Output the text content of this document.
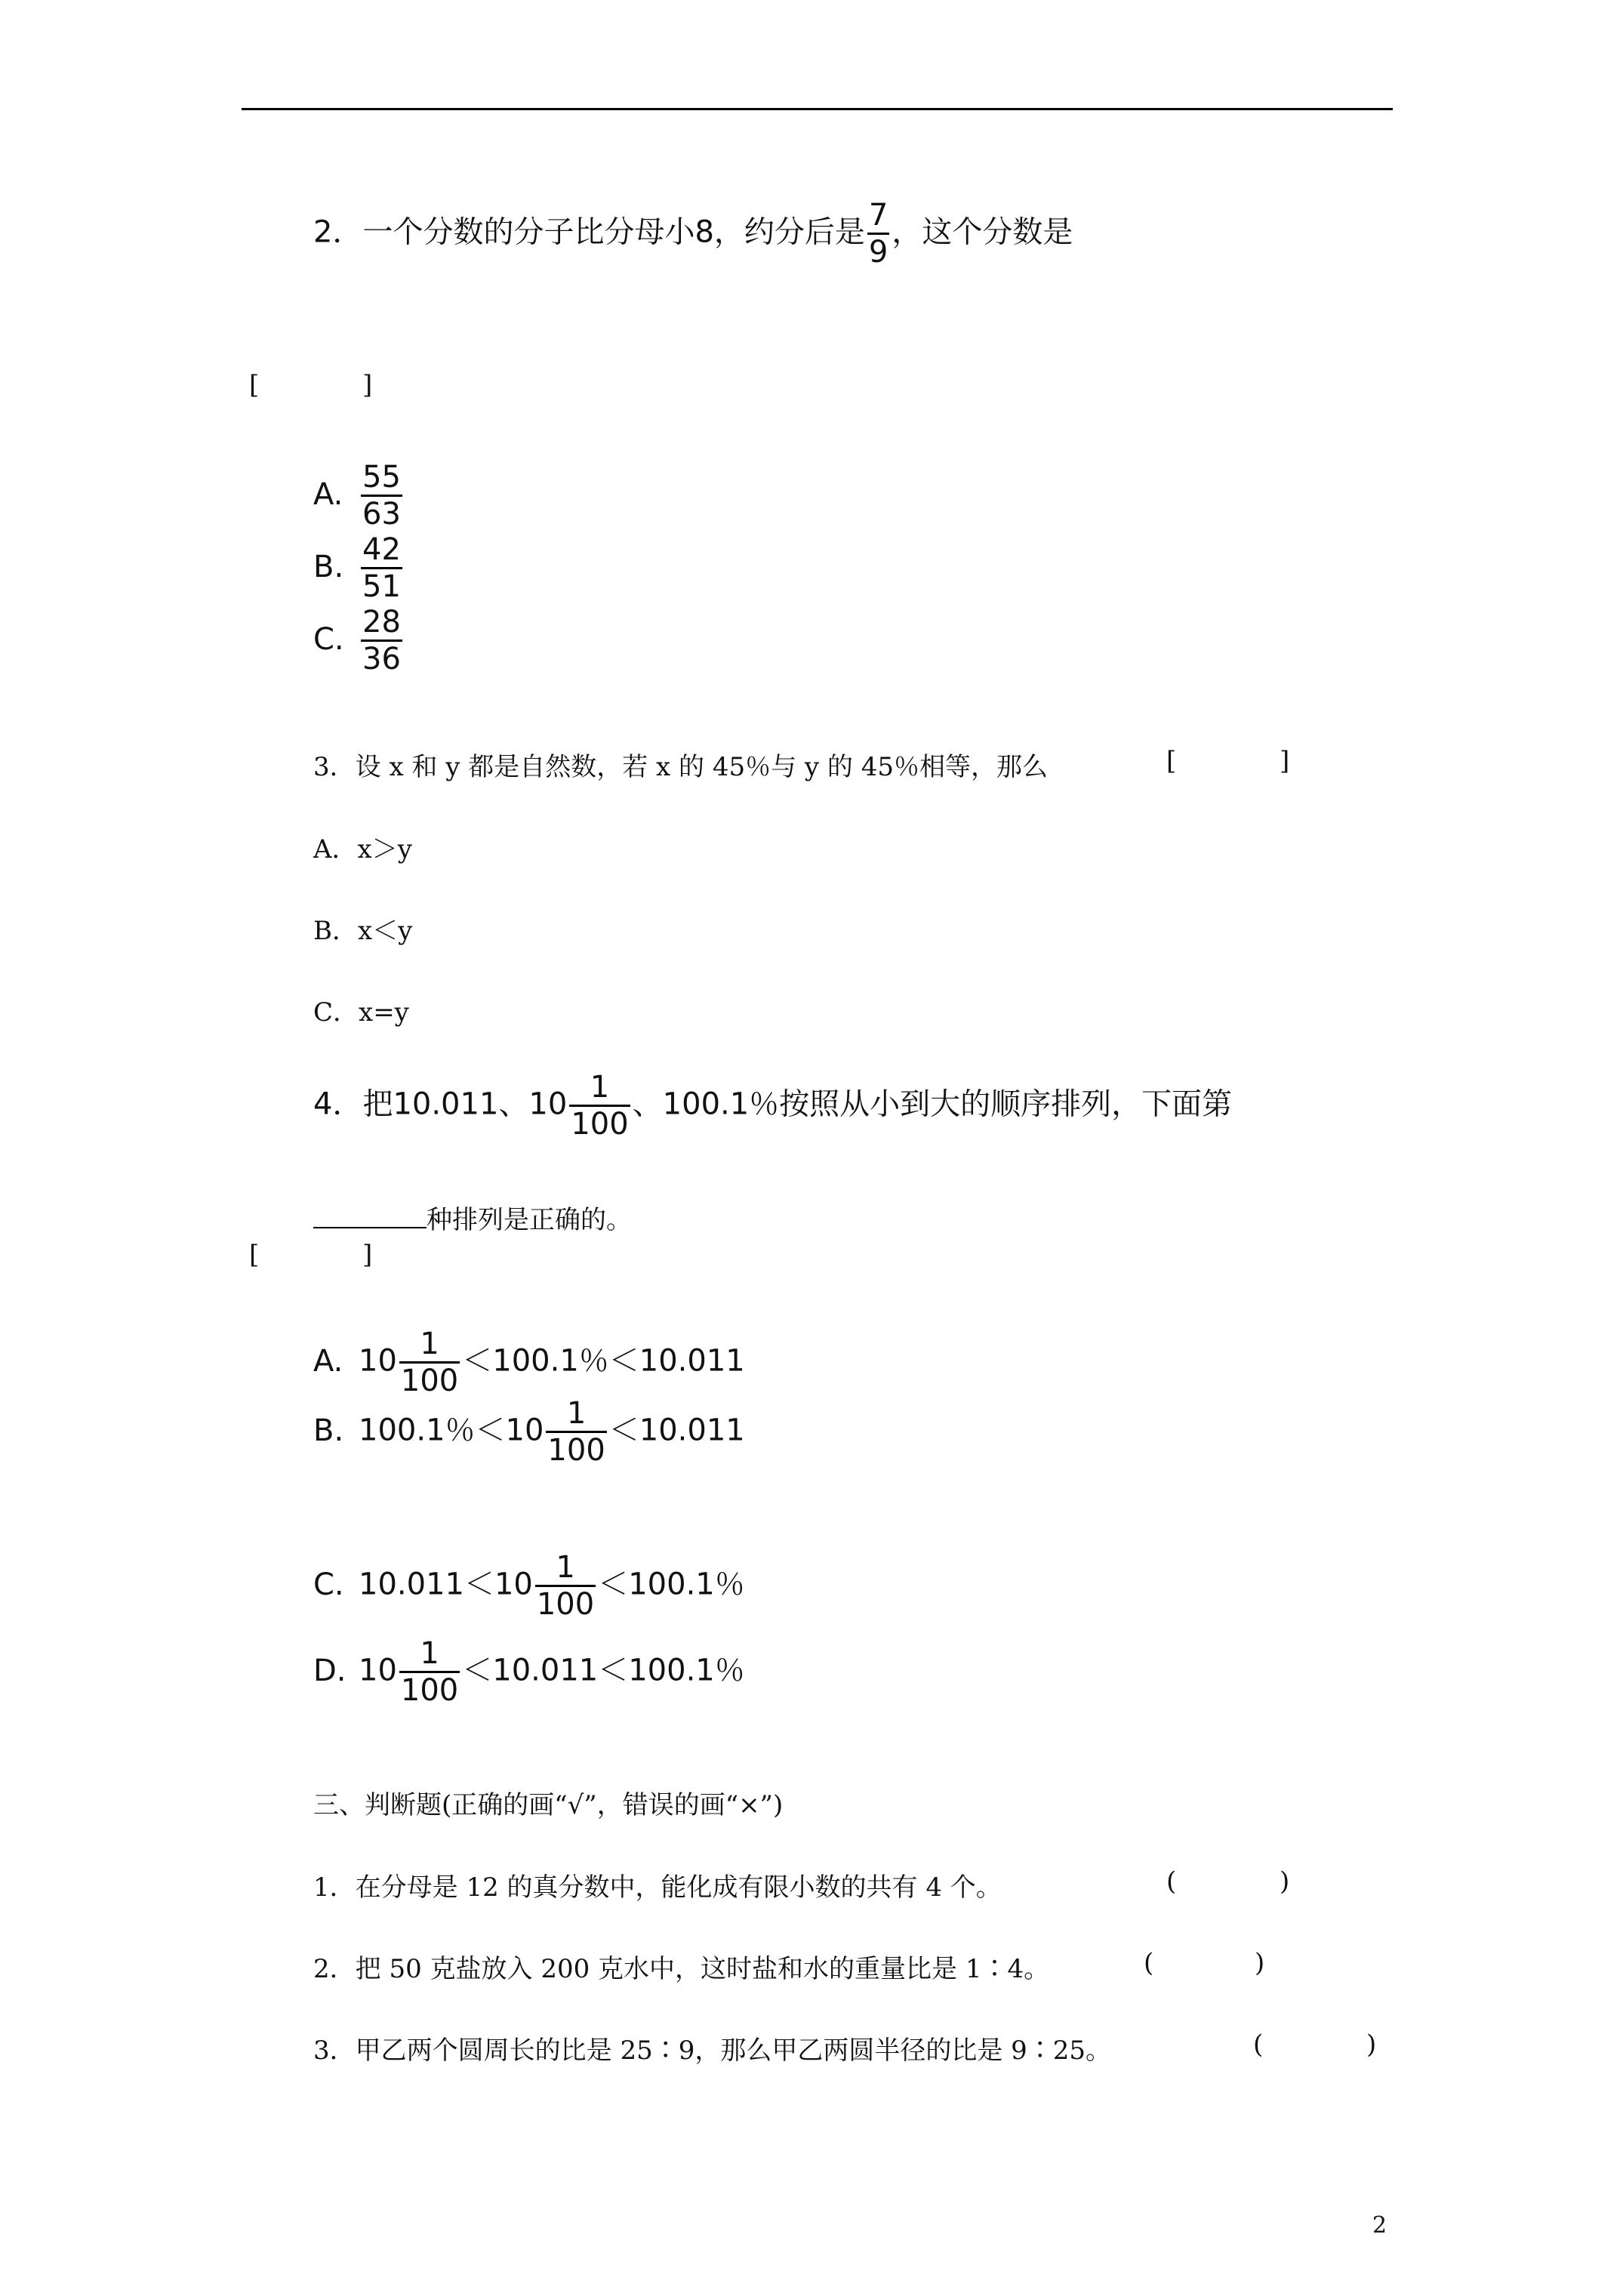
2．一个分数的分子比分母小8，约分后是 $\frac{7}{9}$ ，这个分数是
[	]
A. $\frac{55}{63}$
B. $\frac{42}{51}$
C. $\frac{28}{36}$
3．设 x 和 y 都是自然数，若 x 的 45％与 y 的 45％相等，那么	[	]
A．x＞y
B．x＜y
C．x=y
4．把10.011、$10 \frac{1}{100}$ 、100.1％按照从小到大的顺序排列，下面第
种排列是正确的。
[	]
A. $10 \frac{1}{100} <100.1$％＜10.011
B. 100.1％$<10 \frac{1}{100} <10.011$
C. $10.011<10 \frac{1}{100} <100.1$％
D. $10 \frac{1}{100} <10.011<100.1$％
三、判断题(正确的画“√”，错误的画“×”)
1．在分母是 12 的真分数中，能化成有限小数的共有 4 个。	(	)
2．把 50 克盐放入 200 克水中，这时盐和水的重量比是 1∶4。	(	)
3．甲乙两个圆周长的比是 25∶9，那么甲乙两圆半径的比是 9∶25。	(	)
2
